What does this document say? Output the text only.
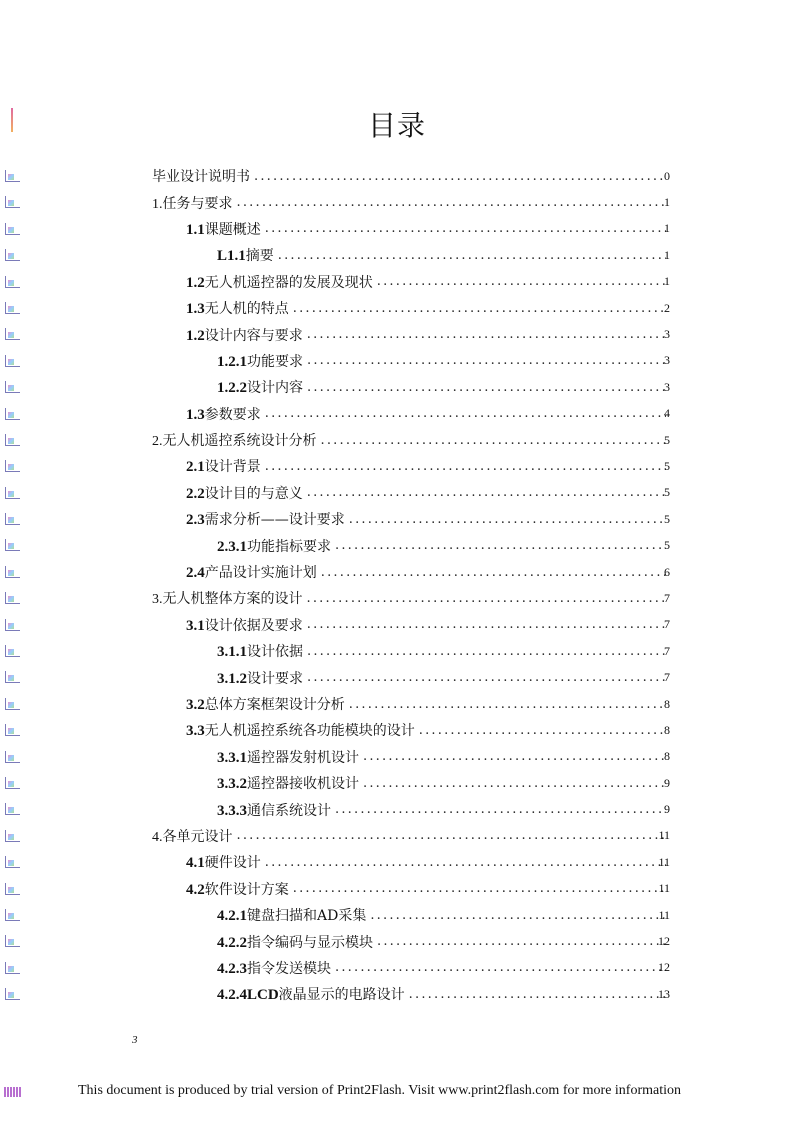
目录
毕业设计说明书 .....	0
1.任务与要求 .....	1
1.1课题概述 .....	1
L1.1摘要 .....	1
1.2无人机遥控器的发展及现状 .....	1
1.3无人机的特点 .....	2
1.2设计内容与要求 .....	3
1.2.1功能要求 .....	3
1.2.2设计内容 .....	3
1.3参数要求 .....	4
2.无人机遥控系统设计分析 .....	5
2.1设计背景 .....	5
2.2设计目的与意义 .....	5
2.3需求分析——设计要求 .....	5
2.3.1功能指标要求 .....	5
2.4产品设计实施计划 .....	6
3.无人机整体方案的设计 .....	7
3.1设计依据及要求 .....	7
3.1.1设计依据 .....	7
3.1.2设计要求 .....	7
3.2总体方案框架设计分析 .....	8
3.3无人机遥控系统各功能模块的设计 .....	8
3.3.1遥控器发射机设计 .....	8
3.3.2遥控器接收机设计 .....	9
3.3.3通信系统设计 .....	9
4.各单元设计 .....	11
4.1硬件设计 .....	11
4.2软件设计方案 .....	11
4.2.1键盘扫描和AD采集 .....	11
4.2.2指令编码与显示模块 .....	12
4.2.3指令发送模块 .....	12
4.2.4LCD液晶显示的电路设计 .....	13
3
This document is produced by trial version of Print2Flash. Visit www.print2flash.com for more information
